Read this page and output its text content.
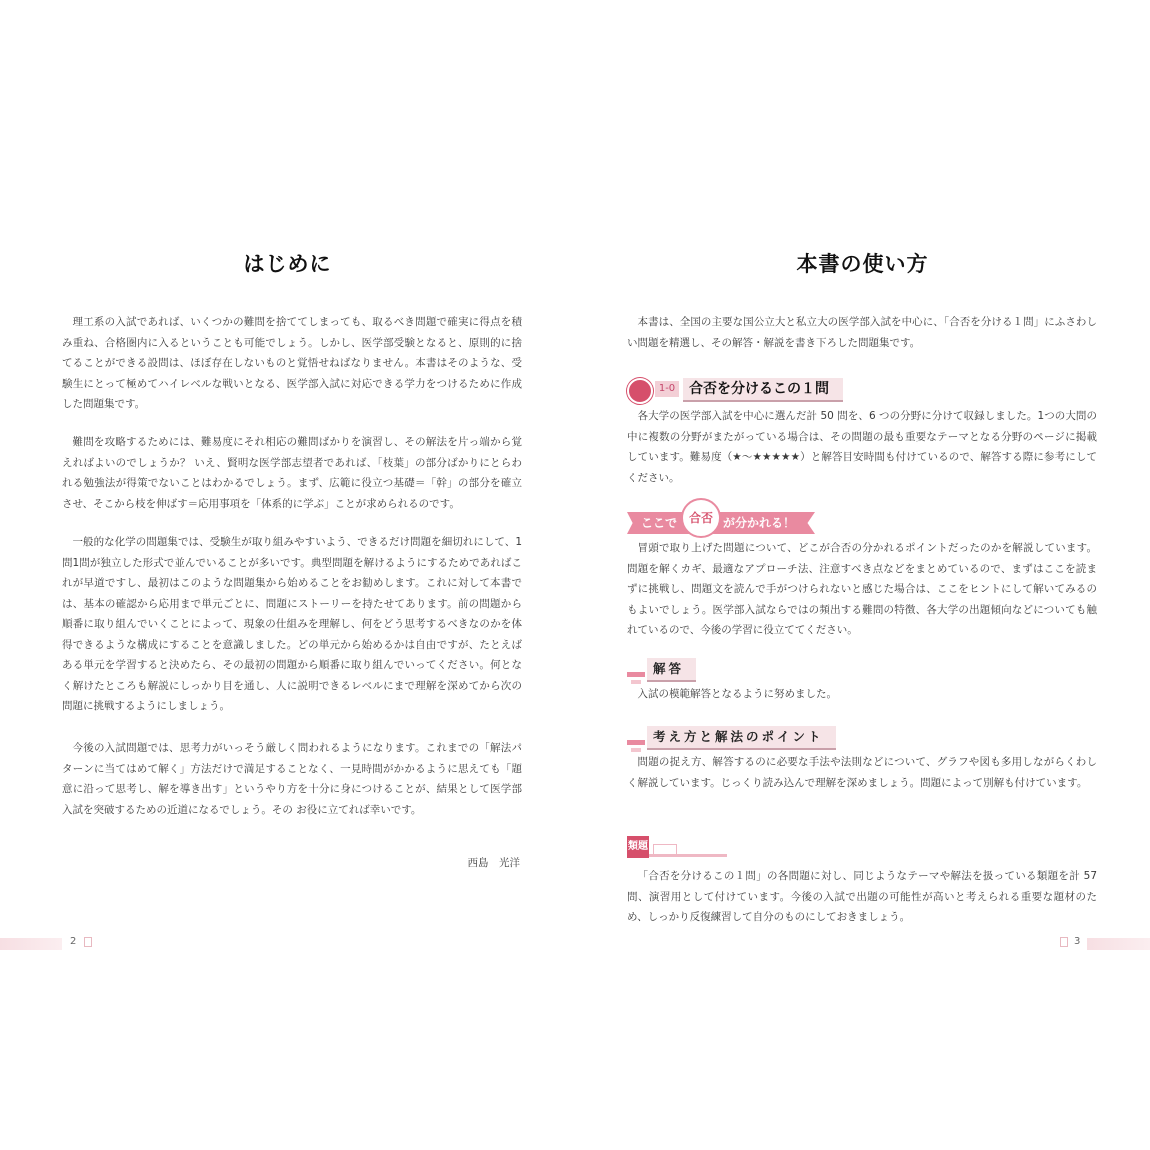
はじめに

理工系の入試であれば、いくつかの難問を捨ててしまっても、取るべき問題で確実に得点を積み重ね、合格圏内に入るということも可能でしょう。しかし、医学部受験となると、原則的に捨てることができる設問は、ほぼ存在しないものと覚悟せねばなりません。本書はそのような、受験生にとって極めてハイレベルな戦いとなる、医学部入試に対応できる学力をつけるために作成した問題集です。

難問を攻略するためには、難易度にそれ相応の難問ばかりを演習し、その解法を片っ端から覚えればよいのでしょうか？ いえ、賢明な医学部志望者であれば、「枝葉」の部分ばかりにとらわれる勉強法が得策でないことはわかるでしょう。まず、広範に役立つ基礎＝「幹」の部分を確立させ、そこから枝を伸ばす＝応用事項を「体系的に学ぶ」ことが求められるのです。

一般的な化学の問題集では、受験生が取り組みやすいよう、できるだけ問題を細切れにして、1問1問が独立した形式で並んでいることが多いです。典型問題を解けるようにするためであればこれが早道ですし、最初はこのような問題集から始めることをお勧めします。これに対して本書では、基本の確認から応用まで単元ごとに、問題にストーリーを持たせてあります。前の問題から順番に取り組んでいくことによって、現象の仕組みを理解し、何をどう思考するべきなのかを体得できるような構成にすることを意識しました。どの単元から始めるかは自由ですが、たとえばある単元を学習すると決めたら、その最初の問題から順番に取り組んでいってください。何となく解けたところも解説にしっかり目を通し、人に説明できるレベルにまで理解を深めてから次の問題に挑戦するようにしましょう。

今後の入試問題では、思考力がいっそう厳しく問われるようになります。これまでの「解法パターンに当てはめて解く」方法だけで満足することなく、一見時間がかかるように思えても「題意に沿って思考し、解を導き出す」というやり方を十分に身につけることが、結果として医学部入試を突破するための近道になるでしょう。その お役に立てれば幸いです。

西島　光洋
2
本書の使い方

本書は、全国の主要な国公立大と私立大の医学部入試を中心に、「合否を分ける１問」にふさわしい問題を精選し、その解答・解説を書き下ろした問題集です。

1-0 合否を分けるこの１問

各大学の医学部入試を中心に選んだ計 50 問を、6 つの分野に分けて収録しました。1つの大問の中に複数の分野がまたがっている場合は、その問題の最も重要なテーマとなる分野のページに掲載しています。難易度（★〜★★★★★）と解答目安時間も付けているので、解答する際に参考にしてください。

ここで 合否 が分かれる！

冒頭で取り上げた問題について、どこが合否の分かれるポイントだったのかを解説しています。問題を解くカギ、最適なアプローチ法、注意すべき点などをまとめているので、まずはここを読まずに挑戦し、問題文を読んで手がつけられないと感じた場合は、ここをヒントにして解いてみるのもよいでしょう。医学部入試ならではの頻出する難問の特徴、各大学の出題傾向などについても触れているので、今後の学習に役立ててください。

解答

入試の模範解答となるように努めました。

考え方と解法のポイント

問題の捉え方、解答するのに必要な手法や法則などについて、グラフや図も多用しながらくわしく解説しています。じっくり読み込んで理解を深めましょう。問題によって別解も付けています。

類題

「合否を分けるこの１問」の各問題に対し、同じようなテーマや解法を扱っている類題を計 57 問、演習用として付けています。今後の入試で出題の可能性が高いと考えられる重要な題材のため、しっかり反復練習して自分のものにしておきましょう。

3
